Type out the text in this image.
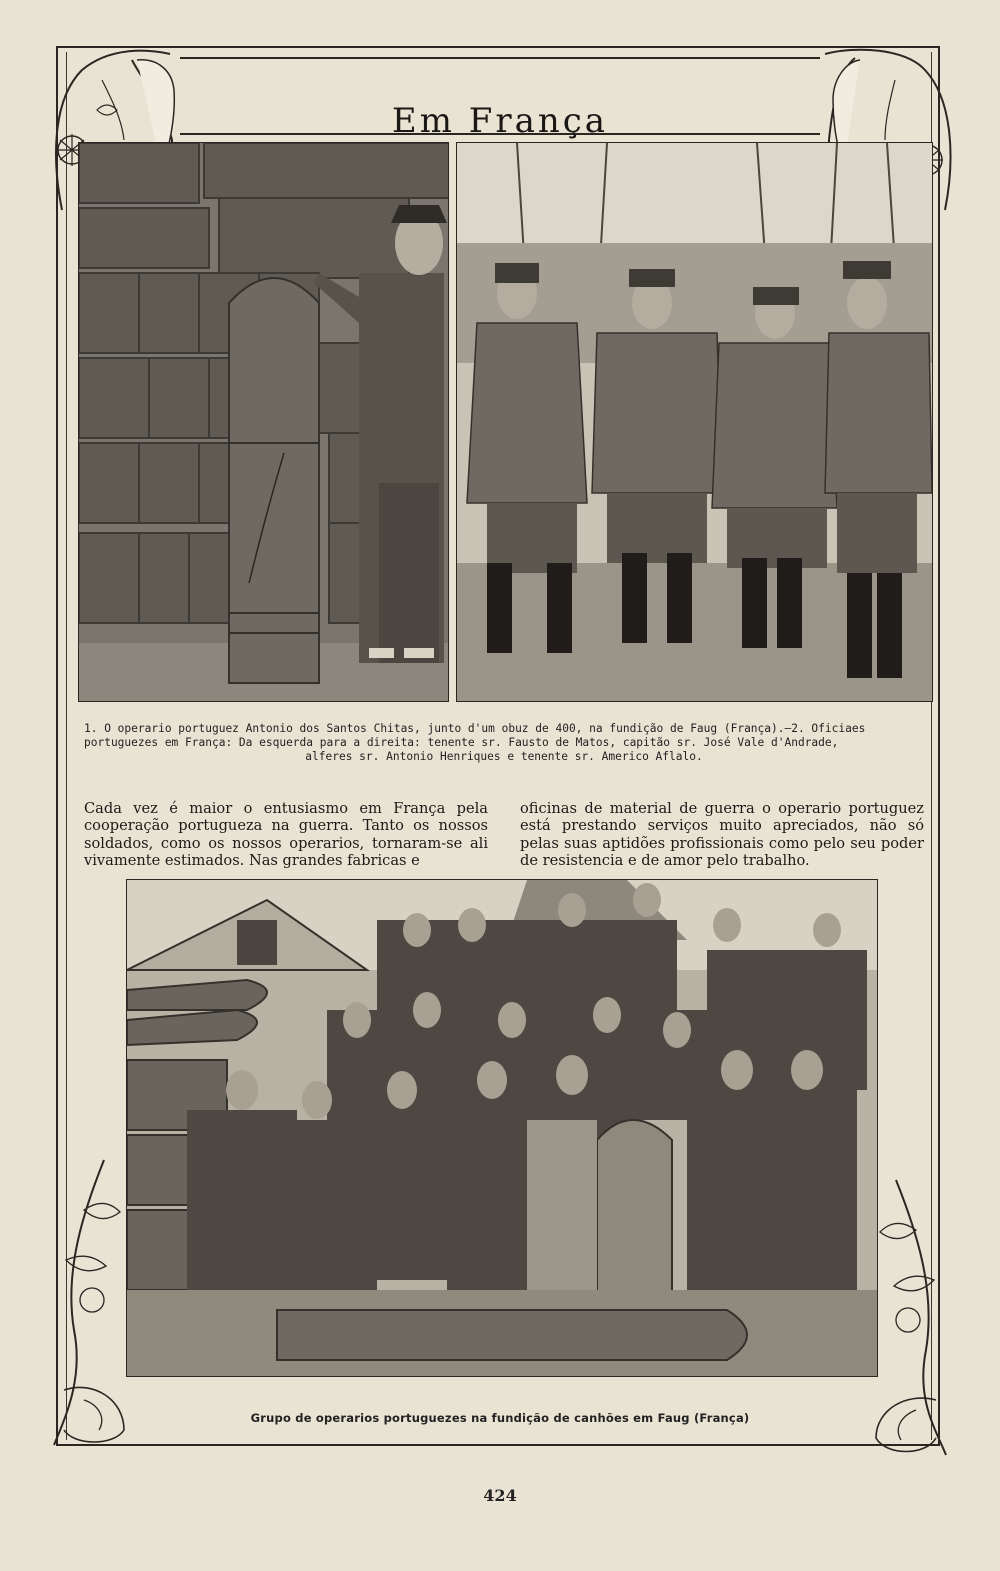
Em França
1. O operario portuguez Antonio dos Santos Chitas, junto d'um obuz de 400, na fundição de Faug (França).—2. Oficiaes
portuguezes em França: Da esquerda para a direita: tenente sr. Fausto de Matos, capitão sr. José Vale d'Andrade,
alferes sr. Antonio Henriques e tenente sr. Americo Aflalo.

Cada vez é maior o entusiasmo em França pela cooperação portugueza na guerra. Tanto os nossos soldados, como os nossos operarios, tornaram-se ali vivamente estimados. Nas grandes fabricas e

oficinas de material de guerra o operario portuguez está prestando serviços muito apreciados, não só pelas suas aptidões profissionais como pelo seu poder de resistencia e de amor pelo trabalho.

Grupo de operarios portuguezes na fundição de canhões em Faug (França)
424
